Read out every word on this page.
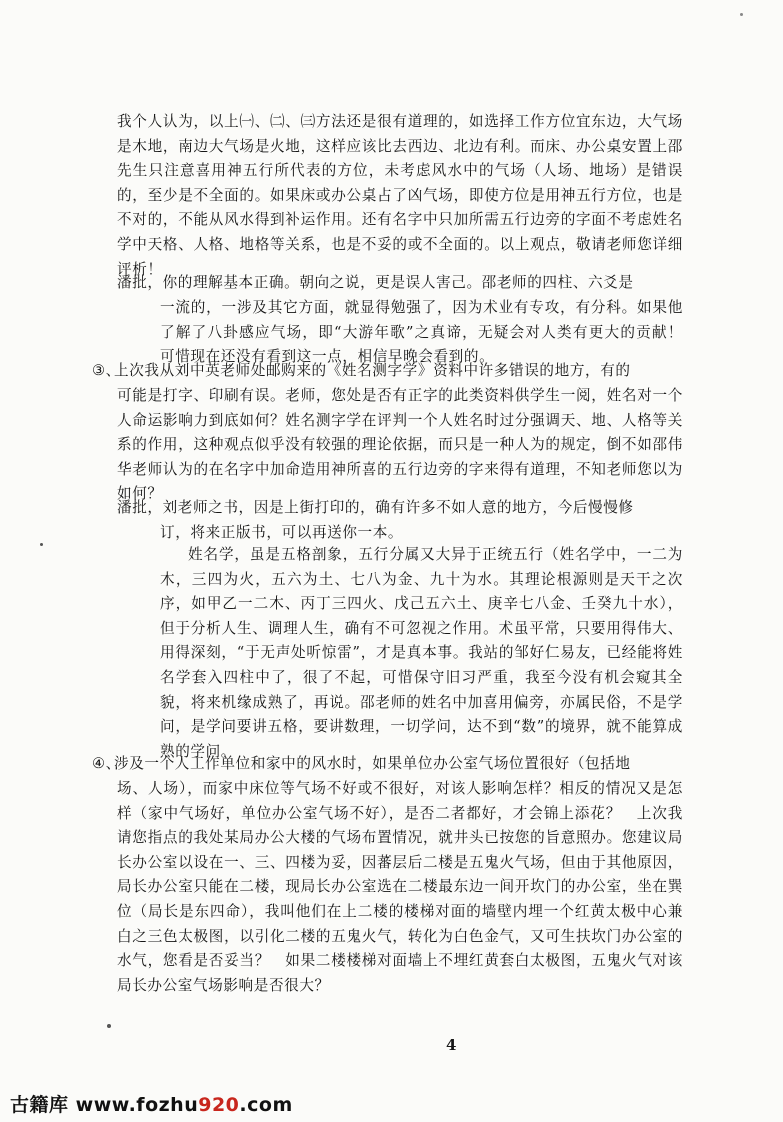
我个人认为，以上㈠、㈡、㈢方法还是很有道理的，如选择工作方位宜东边，大气场是木地，南边大气场是火地，这样应该比去西边、北边有利。而床、办公桌安置上邵先生只注意喜用神五行所代表的方位，未考虑风水中的气场（人场、地场）是错误的，至少是不全面的。如果床或办公桌占了凶气场，即使方位是用神五行方位，也是不对的，不能从风水得到补运作用。还有名字中只加所需五行边旁的字面不考虑姓名学中天格、人格、地格等关系，也是不妥的或不全面的。以上观点，敬请老师您详细评析！

潘批，你的理解基本正确。朝向之说，更是误人害己。邵老师的四柱、六爻是

一流的，一涉及其它方面，就显得勉强了，因为术业有专攻，有分科。如果他了解了八卦感应气场，即“大游年歌”之真谛，无疑会对人类有更大的贡献！　可惜现在还没有看到这一点，相信早晚会看到的。

③、上次我从刘中英老师处邮购来的《姓名测字学》资料中许多错误的地方，有的

可能是打字、印刷有误。老师，您处是否有正字的此类资料供学生一阅，姓名对一个人命运影响力到底如何？姓名测字学在评判一个人姓名时过分强调天、地、人格等关系的作用，这种观点似乎没有较强的理论依据，而只是一种人为的规定，倒不如邵伟华老师认为的在名字中加命造用神所喜的五行边旁的字来得有道理，不知老师您以为如何？

潘批，刘老师之书，因是上街打印的，确有许多不如人意的地方，今后慢慢修

订，将来正版书，可以再送你一本。

姓名学，虽是五格剖象，五行分属又大异于正统五行（姓名学中，一二为木，三四为火，五六为土、七八为金、九十为水。其理论根源则是天干之次序，如甲乙一二木、丙丁三四火、戊己五六土、庚辛七八金、壬癸九十水），但于分析人生、调理人生，确有不可忽视之作用。术虽平常，只要用得伟大、用得深刻，“于无声处听惊雷”，才是真本事。我站的邹好仁易友，已经能将姓名学套入四柱中了，很了不起，可惜保守旧习严重，我至今没有机会窥其全貌，将来机缘成熟了，再说。邵老师的姓名中加喜用偏旁，亦属民俗，不是学问，是学问要讲五格，要讲数理，一切学问，达不到“数”的境界，就不能算成熟的学问。

④、涉及一个人工作单位和家中的风水时，如果单位办公室气场位置很好（包括地

场、人场），而家中床位等气场不好或不很好，对该人影响怎样？相反的情况又是怎样（家中气场好，单位办公室气场不好），是否二者都好，才会锦上添花？　上次我请您指点的我处某局办公大楼的气场布置情况，就井头已按您的旨意照办。您建议局长办公室以设在一、三、四楼为妥，因蕃层后二楼是五鬼火气场，但由于其他原因，局长办公室只能在二楼，现局长办公室选在二楼最东边一间开坎门的办公室，坐在巽位（局长是东四命），我叫他们在上二楼的楼梯对面的墙壁内埋一个红黄太极中心兼白之三色太极图，以引化二楼的五鬼火气，转化为白色金气，又可生扶坎门办公室的水气，您看是否妥当？　如果二楼楼梯对面墙上不埋红黄套白太极图，五鬼火气对该局长办公室气场影响是否很大？

4
古籍库 www.fozhu920.com
